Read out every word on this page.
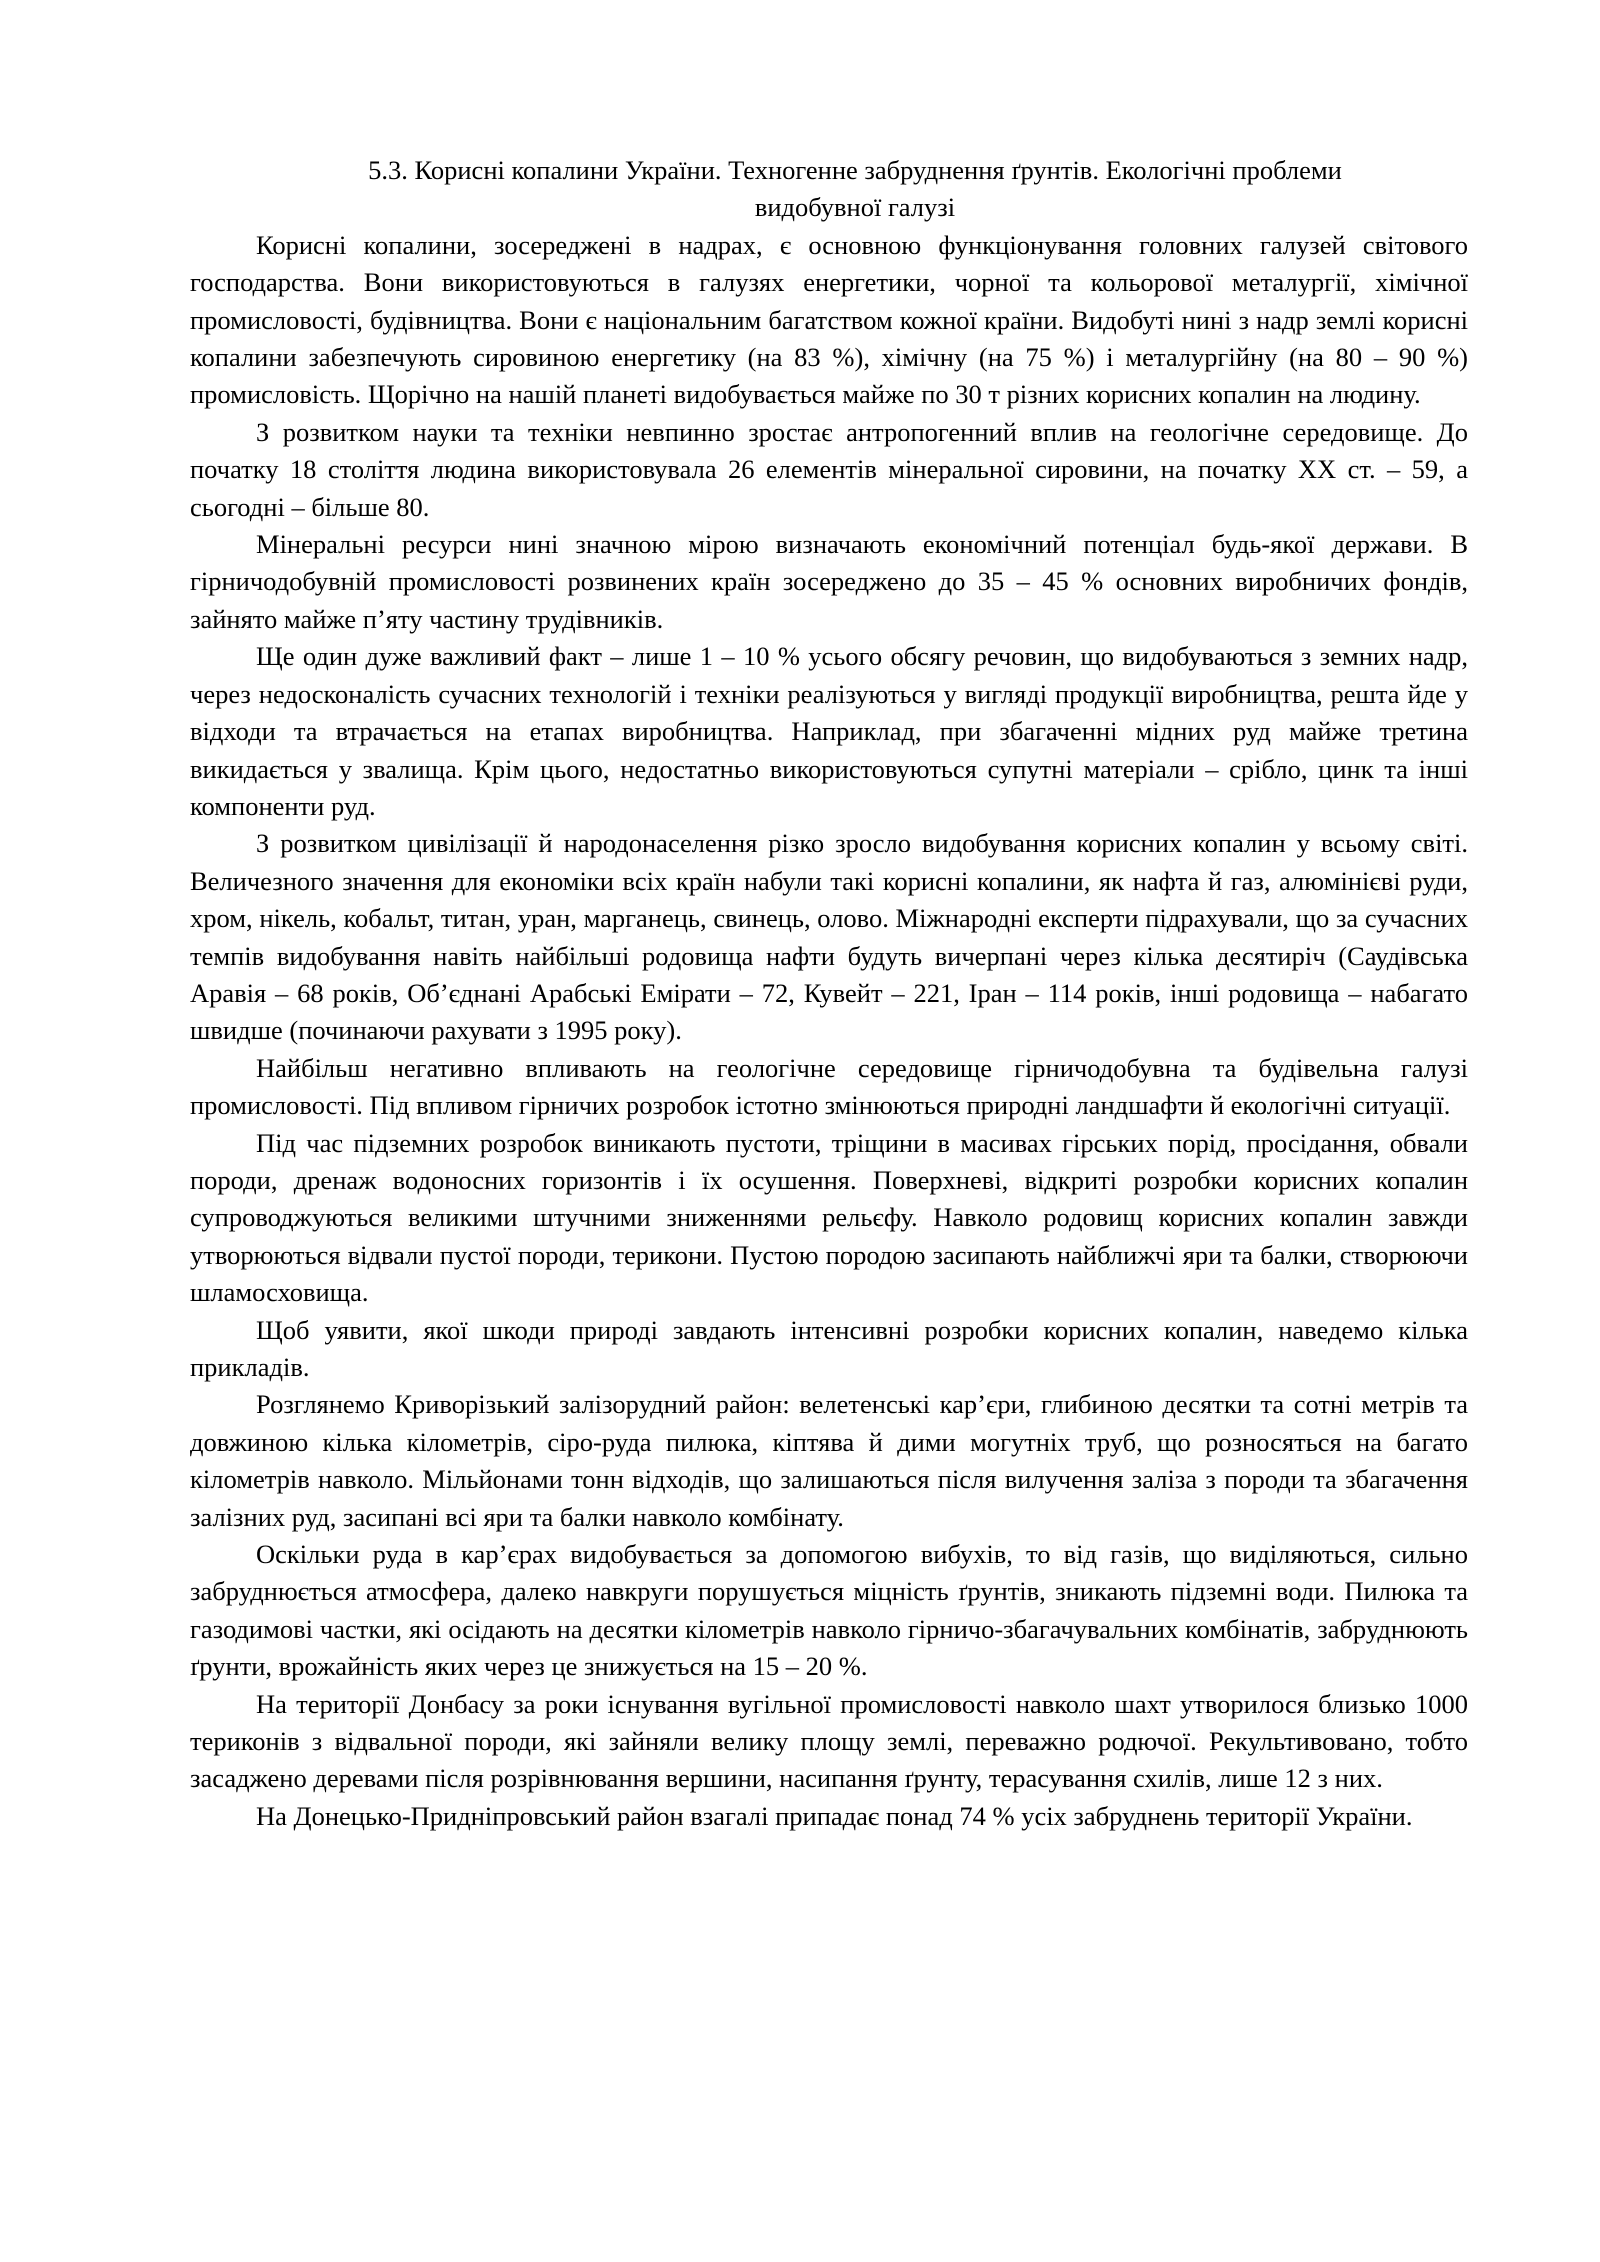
5.3. Корисні копалини України. Техногенне забруднення ґрунтів. Екологічні проблеми
видобувної галузі

Корисні копалини, зосереджені в надрах, є основною функціонування головних галузей світового господарства. Вони використовуються в галузях енергетики, чорної та кольорової металургії, хімічної промисловості, будівництва. Вони є національним багатством кожної країни. Видобуті нині з надр землі корисні копалини забезпечують сировиною енергетику (на 83 %), хімічну (на 75 %) і металургійну (на 80 – 90 %) промисловість. Щорічно на нашій планеті видобувається майже по 30 т різних корисних копалин на людину.

З розвитком науки та техніки невпинно зростає антропогенний вплив на геологічне середовище. До початку 18 століття людина використовувала 26 елементів мінеральної сировини, на початку XX ст. – 59, а сьогодні – більше 80.

Мінеральні ресурси нині значною мірою визначають економічний потенціал будь-якої держави. В гірничодобувній промисловості розвинених країн зосереджено до 35 – 45 % основних виробничих фондів, зайнято майже п’яту частину трудівників.

Ще один дуже важливий факт – лише 1 – 10 % усього обсягу речовин, що видобуваються з земних надр, через недосконаліcть сучасних технологій і техніки реалізуються у вигляді продукції виробництва, решта йде у відходи та втрачається на етапах виробництва. Наприклад, при збагаченні мідних руд майже третина викидається у звалища. Крім цього, недостатньо використовуються супутні матеріали – срібло, цинк та інші компоненти руд.

З розвитком цивілізації й народонаселення різко зросло видобування корисних копалин у всьому світі. Величезного значення для економіки всіх країн набули такі корисні копалини, як нафта й газ, алюмінієві руди, хром, нікель, кобальт, титан, уран, марганець, свинець, олово. Міжнародні експерти підрахували, що за сучасних темпів видобування навіть найбільші родовища нафти будуть вичерпані через кілька десятиріч (Саудівська Аравія – 68 років, Об’єднані Арабські Емірати – 72, Кувейт – 221, Іран – 114 років, інші родовища – набагато швидше (починаючи рахувати з 1995 року).

Найбільш негативно впливають на геологічне середовище гірничодобувна та будівельна галузі промисловості. Під впливом гірничих розробок істотно змінюються природні ландшафти й екологічні ситуації.

Під час підземних розробок виникають пустоти, тріщини в масивах гірських порід, просідання, обвали породи, дренаж водоносних горизонтів і їх осушення. Поверхневі, відкриті розробки корисних копалин супроводжуються великими штучними зниженнями рельєфу. Навколо родовищ корисних копалин завжди утворюються відвали пустої породи, терикони. Пустою породою засипають найближчі яри та балки, створюючи шламосховища.

Щоб уявити, якої шкоди природі завдають інтенсивні розробки корисних копалин, наведемо кілька прикладів.

Розглянемо Криворізький залізорудний район: велетенські кар’єри, глибиною десятки та сотні метрів та довжиною кілька кілометрів, сіро-руда пилюка, кіптява й дими могутніх труб, що розносяться на багато кілометрів навколо. Мільйонами тонн відходів, що залишаються після вилучення заліза з породи та збагачення залізних руд, засипані всі яри та балки навколо комбінату.

Оскільки руда в кар’єрах видобувається за допомогою вибухів, то від газів, що виділяються, сильно забруднюється атмосфера, далеко навкруги порушується міцність ґрунтів, зникають підземні води. Пилюка та газодимові частки, які осідають на десятки кілометрів навколо гірничо-збагачувальних комбінатів, забруднюють ґрунти, врожайність яких через це знижується на 15 – 20 %.

На території Донбасу за роки існування вугільної промисловості навколо шахт утворилося близько 1000 териконів з відвальної породи, які зайняли велику площу землі, переважно родючої. Рекультивовано, тобто засаджено деревами після розрівнювання вершини, насипання ґрунту, терасування схилів, лише 12 з них.

На Донецько-Придніпровський район взагалі припадає понад 74 % усіх забруднень території України.
